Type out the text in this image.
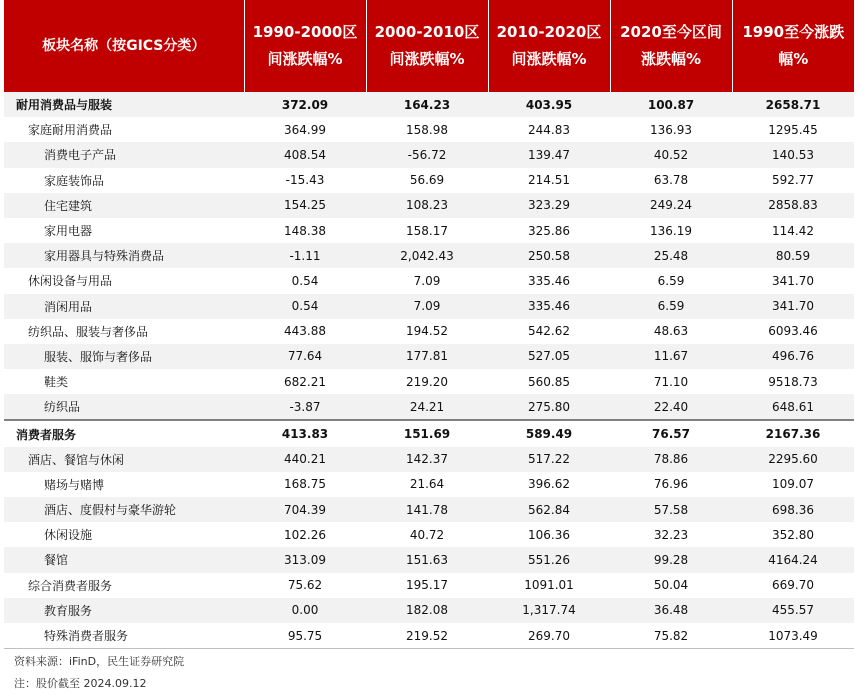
板块名称（按GICS分类）	1990-2000区间涨跌幅%	2000-2010区间涨跌幅%	2010-2020区间涨跌幅%	2020至今区间涨跌幅%	1990至今涨跌幅%
耐用消费品与服装	372.09	164.23	403.95	100.87	2658.71
家庭耐用消费品	364.99	158.98	244.83	136.93	1295.45
消费电子产品	408.54	-56.72	139.47	40.52	140.53
家庭装饰品	-15.43	56.69	214.51	63.78	592.77
住宅建筑	154.25	108.23	323.29	249.24	2858.83
家用电器	148.38	158.17	325.86	136.19	114.42
家用器具与特殊消费品	-1.11	2,042.43	250.58	25.48	80.59
休闲设备与用品	0.54	7.09	335.46	6.59	341.70
消闲用品	0.54	7.09	335.46	6.59	341.70
纺织品、服装与奢侈品	443.88	194.52	542.62	48.63	6093.46
服装、服饰与奢侈品	77.64	177.81	527.05	11.67	496.76
鞋类	682.21	219.20	560.85	71.10	9518.73
纺织品	-3.87	24.21	275.80	22.40	648.61
消费者服务	413.83	151.69	589.49	76.57	2167.36
酒店、餐馆与休闲	440.21	142.37	517.22	78.86	2295.60
赌场与赌博	168.75	21.64	396.62	76.96	109.07
酒店、度假村与豪华游轮	704.39	141.78	562.84	57.58	698.36
休闲设施	102.26	40.72	106.36	32.23	352.80
餐馆	313.09	151.63	551.26	99.28	4164.24
综合消费者服务	75.62	195.17	1091.01	50.04	669.70
教育服务	0.00	182.08	1,317.74	36.48	455.57
特殊消费者服务	95.75	219.52	269.70	75.82	1073.49
资料来源：iFinD，民生证券研究院
注：股价截至 2024.09.12
